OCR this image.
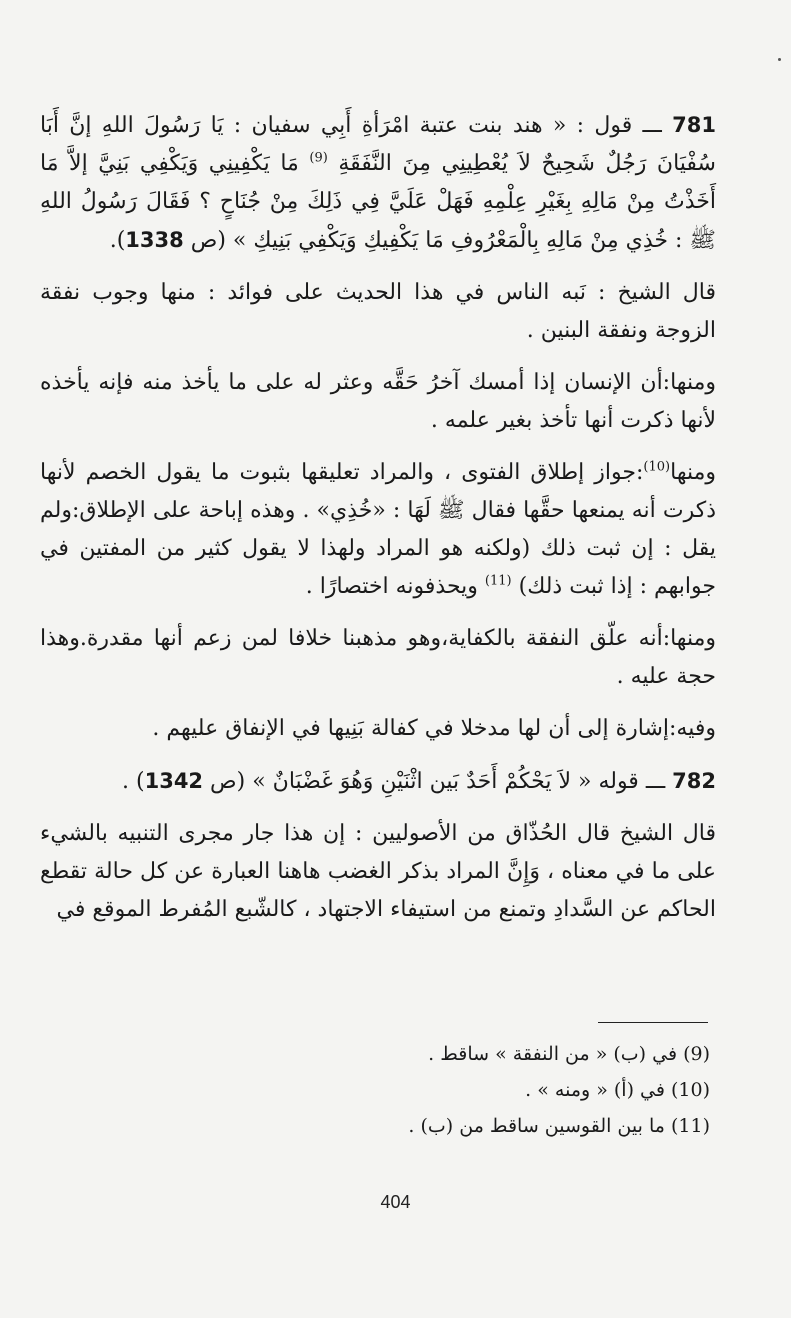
781 ـــ قول : « هند بنت عتبة امْرَأةِ أَبِي سفيان : يَا رَسُولَ اللهِ إنَّ أَبَا سُفْيَانَ رَجُلٌ شَحِيحٌ لاَ يُعْطِينِي مِنَ النَّفَقَةِ $^{(9)}$ مَا يَكْفِينِي وَيَكْفِي بَنِيَّ إلاَّ مَا أَخَذْتُ مِنْ مَالِهِ بِغَيْرِ عِلْمِهِ فَهَلْ عَلَيَّ فِي ذَلِكَ مِنْ جُنَاحٍ ؟ فَقَالَ رَسُولُ اللهِ ﷺ : خُذِي مِنْ مَالِهِ بِالْمَعْرُوفِ مَا يَكْفِيكِ وَيَكْفِي بَنِيكِ » (ص 1338).

قال الشيخ : نَبه الناس في هذا الحديث على فوائد : منها وجوب نفقة الزوجة ونفقة البنين .

ومنها:أن الإنسان إذا أمسك آخرُ حَقَّه وعثر له على ما يأخذ منه فإنه يأخذه لأنها ذكرت أنها تأخذ بغير علمه .

ومنها$^{(10)}$:جواز إطلاق الفتوى ، والمراد تعليقها بثبوت ما يقول الخصم لأنها ذكرت أنه يمنعها حقَّها فقال ﷺ لَهَا : «خُذِي» . وهذه إباحة على الإطلاق:ولم يقل : إن ثبت ذلك (ولكنه هو المراد ولهذا لا يقول كثير من المفتين في جوابهم : إذا ثبت ذلك) $^{(11)}$ ويحذفونه اختصارًا .

ومنها:أنه علّق النفقة بالكفاية،وهو مذهبنا خلافا لمن زعم أنها مقدرة.وهذا حجة عليه .

وفيه:إشارة إلى أن لها مدخلا في كفالة بَنِيها في الإنفاق عليهم .

782 ـــ قوله « لاَ يَحْكُمْ أَحَدٌ بَين اثْنَيْنِ وَهُوَ غَضْبَانٌ » (ص 1342) .

قال الشيخ قال الحُذّاق من الأصوليين : إن هذا جار مجرى التنبيه بالشيء على ما في معناه ، وَإِنَّ المراد بذكر الغضب هاهنا العبارة عن كل حالة تقطع الحاكم عن السَّدادِ وتمنع من استيفاء الاجتهاد ، كالشّبع المُفرط الموقع في

(9) في (ب) « من النفقة » ساقط .
(10) في (أ) « ومنه » .
(11) ما بين القوسين ساقط من (ب) .
404
